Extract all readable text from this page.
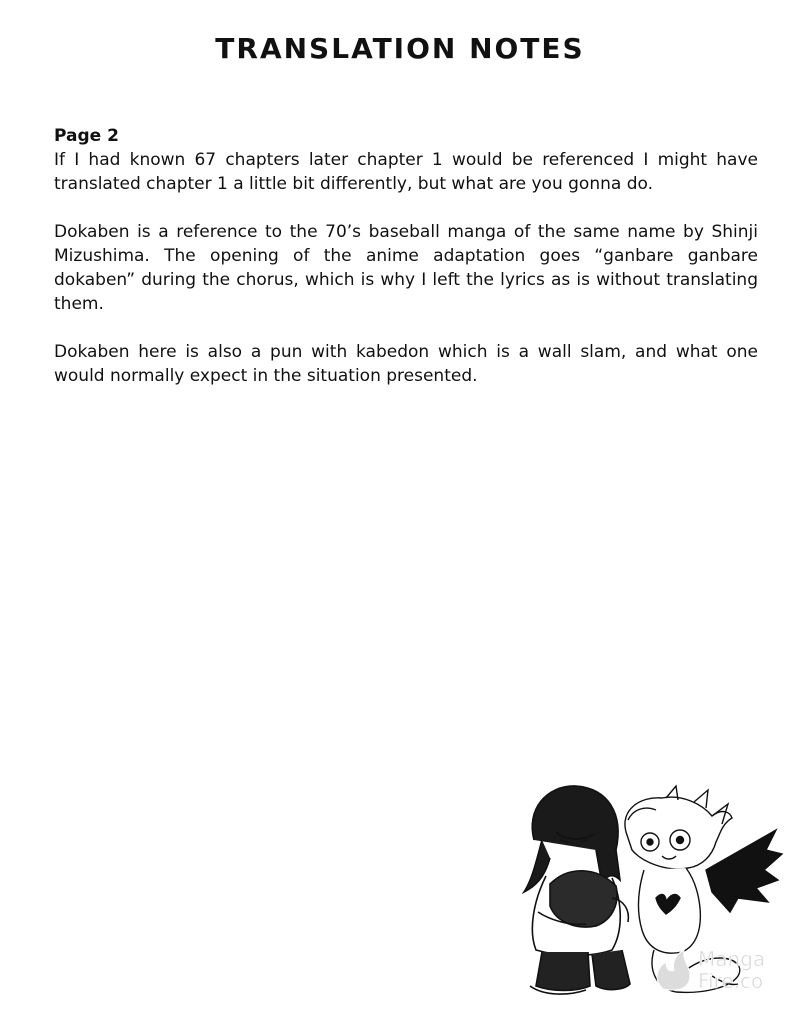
TRANSLATION NOTES
Page 2

If I had known 67 chapters later chapter 1 would be referenced I might have translated chapter 1 a little bit differently, but what are you gonna do.

Dokaben is a reference to the 70’s baseball manga of the same name by Shinji Mizushima. The opening of the anime adaptation goes “ganbare ganbare dokaben” during the chorus, which is why I left the lyrics as is without translating them.

Dokaben here is also a pun with kabedon which is a wall slam, and what one would normally expect in the situation presented.

Manga
Fire.co
